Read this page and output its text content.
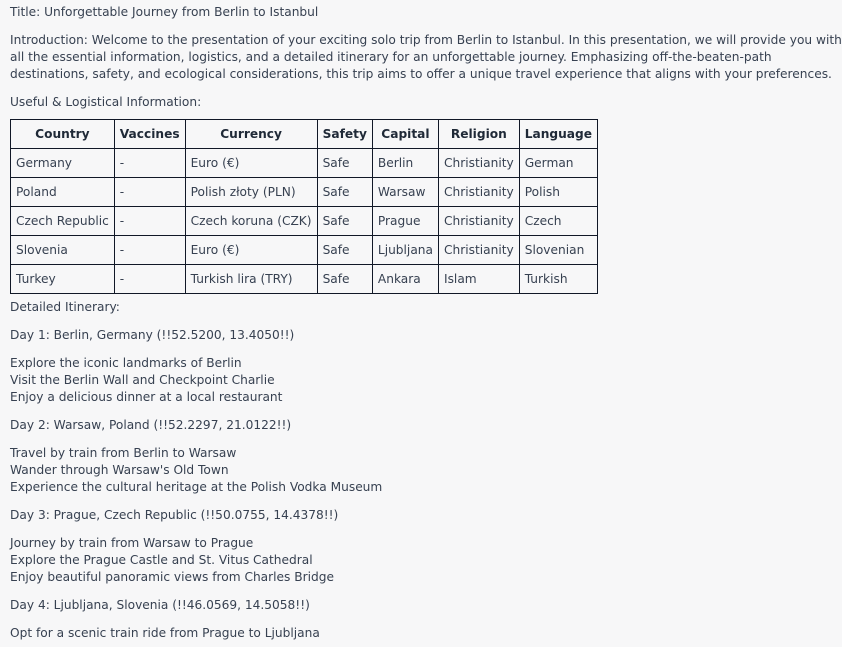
Title: Unforgettable Journey from Berlin to Istanbul

Introduction: Welcome to the presentation of your exciting solo trip from Berlin to Istanbul. In this presentation, we will provide you with

all the essential information, logistics, and a detailed itinerary for an unforgettable journey. Emphasizing off-the-beaten-path

destinations, safety, and ecological considerations, this trip aims to offer a unique travel experience that aligns with your preferences.

Useful & Logistical Information:

Country	Vaccines	Currency	Safety	Capital	Religion	Language
Germany	-	Euro (€)	Safe	Berlin	Christianity	German
Poland	-	Polish złoty (PLN)	Safe	Warsaw	Christianity	Polish
Czech Republic	-	Czech koruna (CZK)	Safe	Prague	Christianity	Czech
Slovenia	-	Euro (€)	Safe	Ljubljana	Christianity	Slovenian
Turkey	-	Turkish lira (TRY)	Safe	Ankara	Islam	Turkish

Detailed Itinerary:

Day 1: Berlin, Germany (!!52.5200, 13.4050!!)

Explore the iconic landmarks of Berlin

Visit the Berlin Wall and Checkpoint Charlie

Enjoy a delicious dinner at a local restaurant

Day 2: Warsaw, Poland (!!52.2297, 21.0122!!)

Travel by train from Berlin to Warsaw

Wander through Warsaw's Old Town

Experience the cultural heritage at the Polish Vodka Museum

Day 3: Prague, Czech Republic (!!50.0755, 14.4378!!)

Journey by train from Warsaw to Prague

Explore the Prague Castle and St. Vitus Cathedral

Enjoy beautiful panoramic views from Charles Bridge

Day 4: Ljubljana, Slovenia (!!46.0569, 14.5058!!)

Opt for a scenic train ride from Prague to Ljubljana
